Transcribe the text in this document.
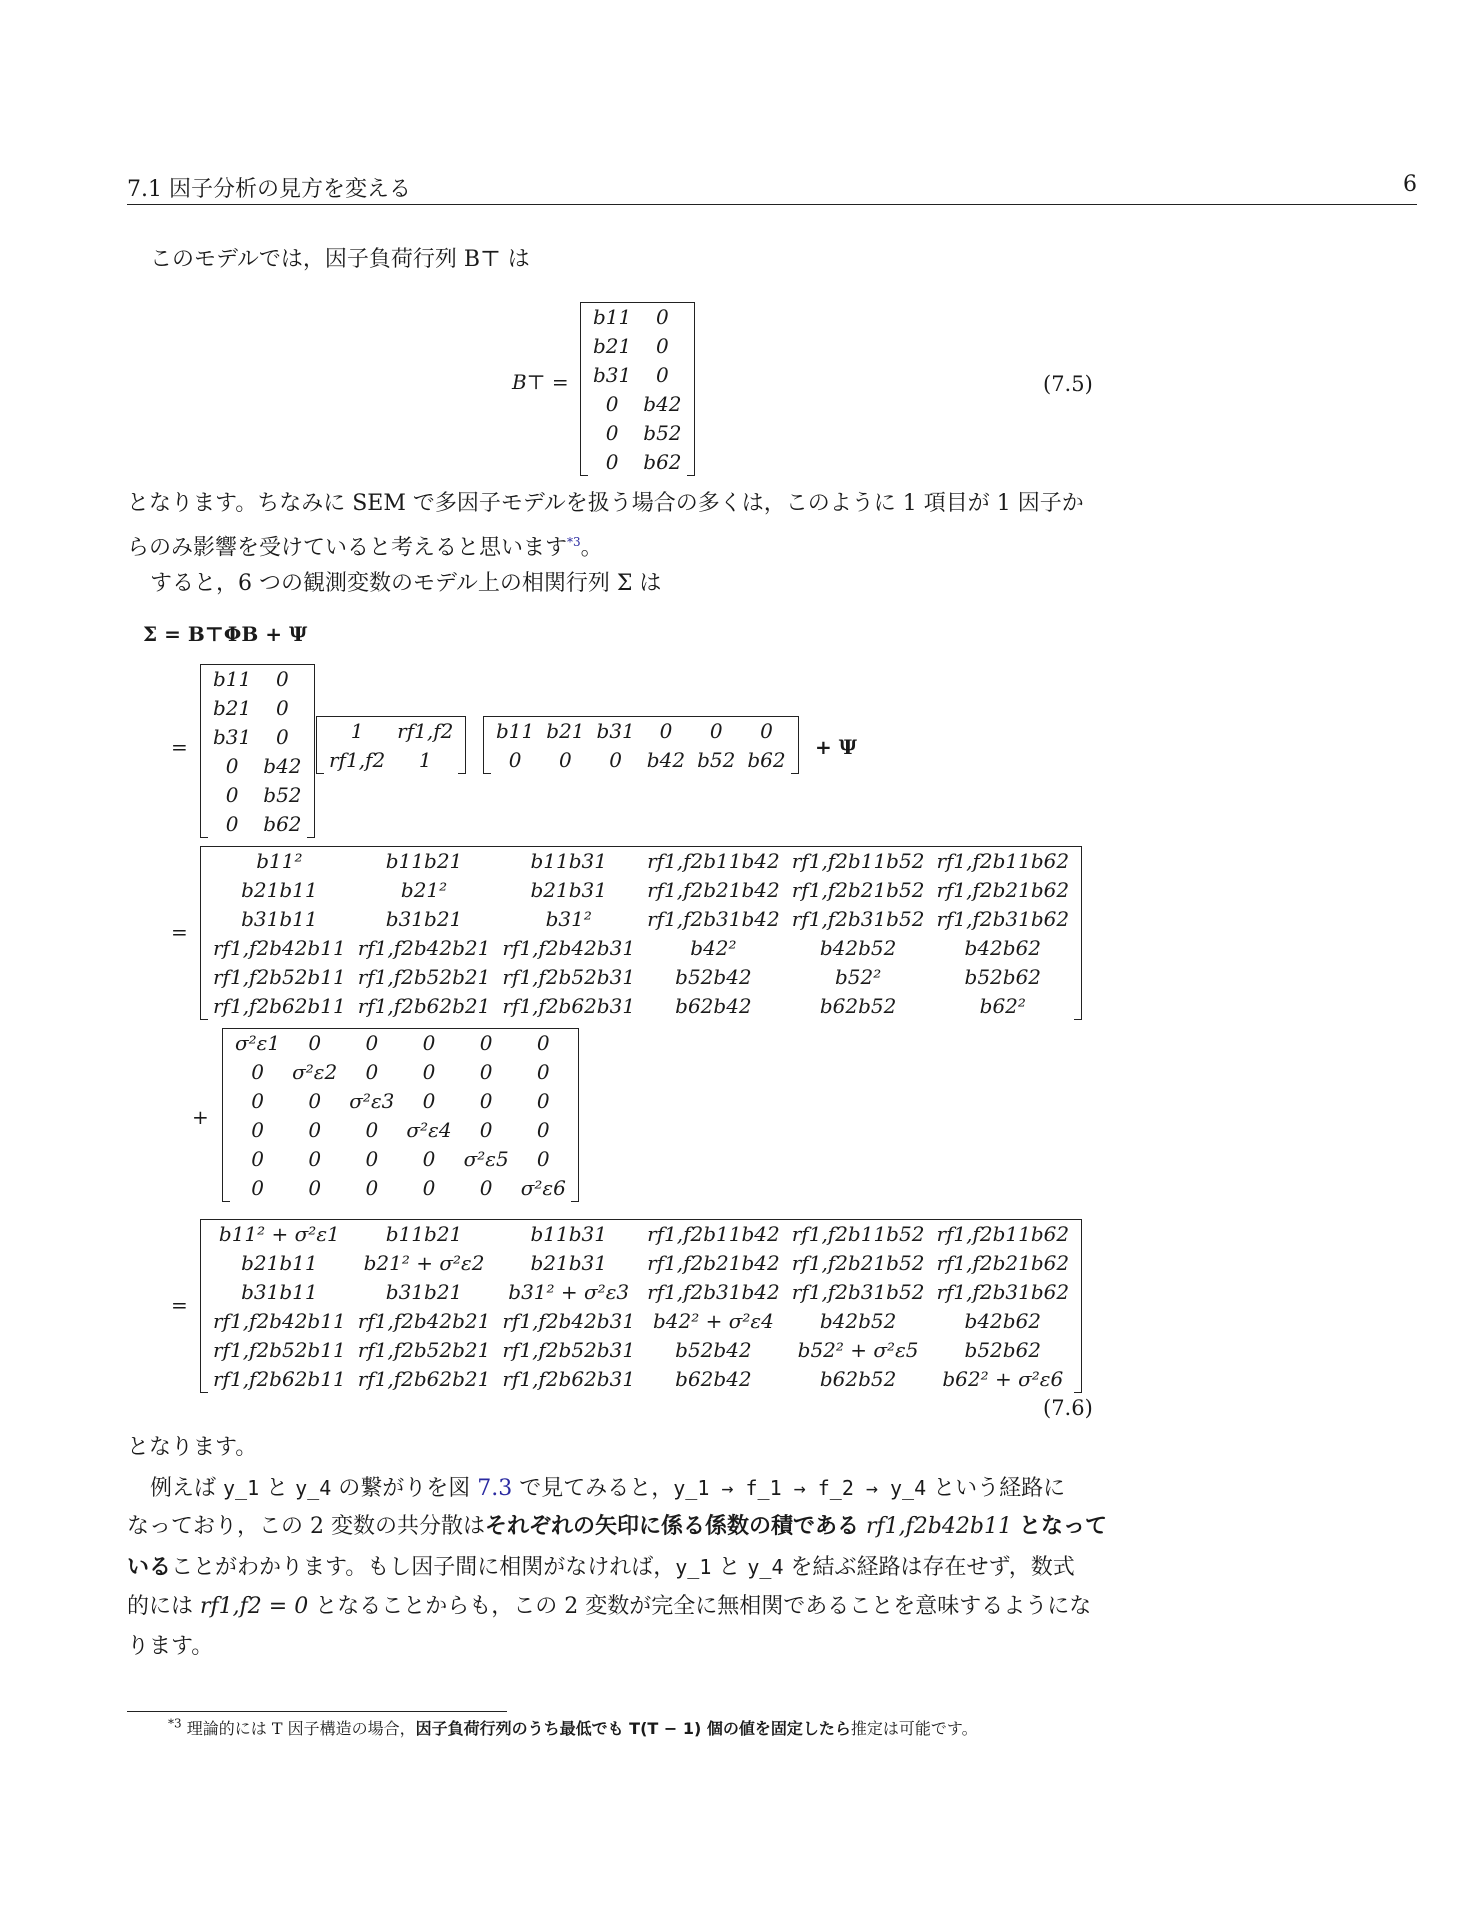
7.1 因子分析の見方を変える	6
このモデルでは，因子負荷行列 B⊤ は
B⊤ =
b11	0
b21	0
b31	0
0	b42
0	b52
0	b62
(7.5)
となります。ちなみに SEM で多因子モデルを扱う場合の多くは，このように 1 項目が 1 因子か
らのみ影響を受けていると考えると思います$^{*3}$。
すると，6 つの観測変数のモデル上の相関行列 Σ は
Σ = B⊤ΦB + Ψ
=
b11	0
b21	0
b31	0
0	b42
0	b52
0	b62
1	rf1,f2
rf1,f2	1
b11	b21	b31	0	0	0
0	0	0	b42	b52	b62
+ Ψ
=
b11²	b11b21	b11b31	rf1,f2b11b42	rf1,f2b11b52	rf1,f2b11b62
b21b11	b21²	b21b31	rf1,f2b21b42	rf1,f2b21b52	rf1,f2b21b62
b31b11	b31b21	b31²	rf1,f2b31b42	rf1,f2b31b52	rf1,f2b31b62
rf1,f2b42b11	rf1,f2b42b21	rf1,f2b42b31	b42²	b42b52	b42b62
rf1,f2b52b11	rf1,f2b52b21	rf1,f2b52b31	b52b42	b52²	b52b62
rf1,f2b62b11	rf1,f2b62b21	rf1,f2b62b31	b62b42	b62b52	b62²
+
σ²ε1	0	0	0	0	0
0	σ²ε2	0	0	0	0
0	0	σ²ε3	0	0	0
0	0	0	σ²ε4	0	0
0	0	0	0	σ²ε5	0
0	0	0	0	0	σ²ε6
=
b11² + σ²ε1	b11b21	b11b31	rf1,f2b11b42	rf1,f2b11b52	rf1,f2b11b62
b21b11	b21² + σ²ε2	b21b31	rf1,f2b21b42	rf1,f2b21b52	rf1,f2b21b62
b31b11	b31b21	b31² + σ²ε3	rf1,f2b31b42	rf1,f2b31b52	rf1,f2b31b62
rf1,f2b42b11	rf1,f2b42b21	rf1,f2b42b31	b42² + σ²ε4	b42b52	b42b62
rf1,f2b52b11	rf1,f2b52b21	rf1,f2b52b31	b52b42	b52² + σ²ε5	b52b62
rf1,f2b62b11	rf1,f2b62b21	rf1,f2b62b31	b62b42	b62b52	b62² + σ²ε6
(7.6)
となります。
例えば y_1 と y_4 の繋がりを図 7.3 で見てみると，y_1 → f_1 → f_2 → y_4 という経路に
なっており，この 2 変数の共分散はそれぞれの矢印に係る係数の積である rf1,f2b42b11 となって
いることがわかります。もし因子間に相関がなければ，y_1 と y_4 を結ぶ経路は存在せず，数式
的には rf1,f2 = 0 となることからも，この 2 変数が完全に無相関であることを意味するようにな
ります。
$^{*3}$ 理論的には T 因子構造の場合，因子負荷行列のうち最低でも T(T − 1) 個の値を固定したら推定は可能です。
